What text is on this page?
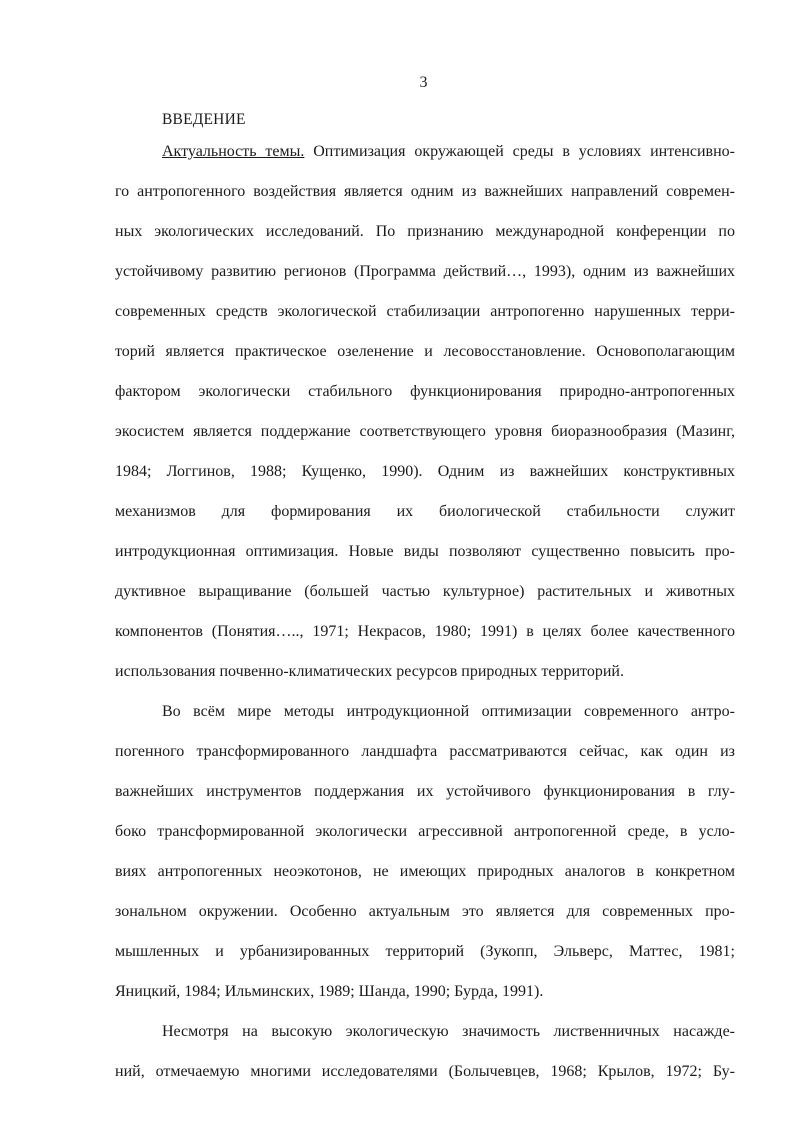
3
ВВЕДЕНИЕ
Актуальность темы. Оптимизация окружающей среды в условиях интенсивно-
го антропогенного воздействия является одним из важнейших направлений современ-
ных экологических исследований. По признанию международной конференции по
устойчивому развитию регионов (Программа действий…, 1993), одним из важнейших
современных средств экологической стабилизации антропогенно нарушенных терри-
торий является практическое озеленение и лесовосстановление. Основополагающим
фактором экологически стабильного функционирования природно-антропогенных
экосистем является поддержание соответствующего уровня биоразнообразия (Мазинг,
1984; Логгинов, 1988; Кущенко, 1990). Одним из важнейших конструктивных
механизмов для формирования их биологической стабильности служит
интродукционная оптимизация. Новые виды позволяют существенно повысить про-
дуктивное выращивание (большей частью культурное) растительных и животных
компонентов (Понятия….., 1971; Некрасов, 1980; 1991) в целях более качественного
использования почвенно-климатических ресурсов природных территорий.
Во всём мире методы интродукционной оптимизации современного антро-
погенного трансформированного ландшафта рассматриваются сейчас, как один из
важнейших инструментов поддержания их устойчивого функционирования в глу-
боко трансформированной экологически агрессивной антропогенной среде, в усло-
виях антропогенных неоэкотонов, не имеющих природных аналогов в конкретном
зональном окружении. Особенно актуальным это является для современных про-
мышленных и урбанизированных территорий (Зукопп, Эльверс, Маттес, 1981;
Яницкий, 1984; Ильминских, 1989; Шанда, 1990; Бурда, 1991).
Несмотря на высокую экологическую значимость лиственничных насажде-
ний, отмечаемую многими исследователями (Болычевцев, 1968; Крылов, 1972; Бу-
